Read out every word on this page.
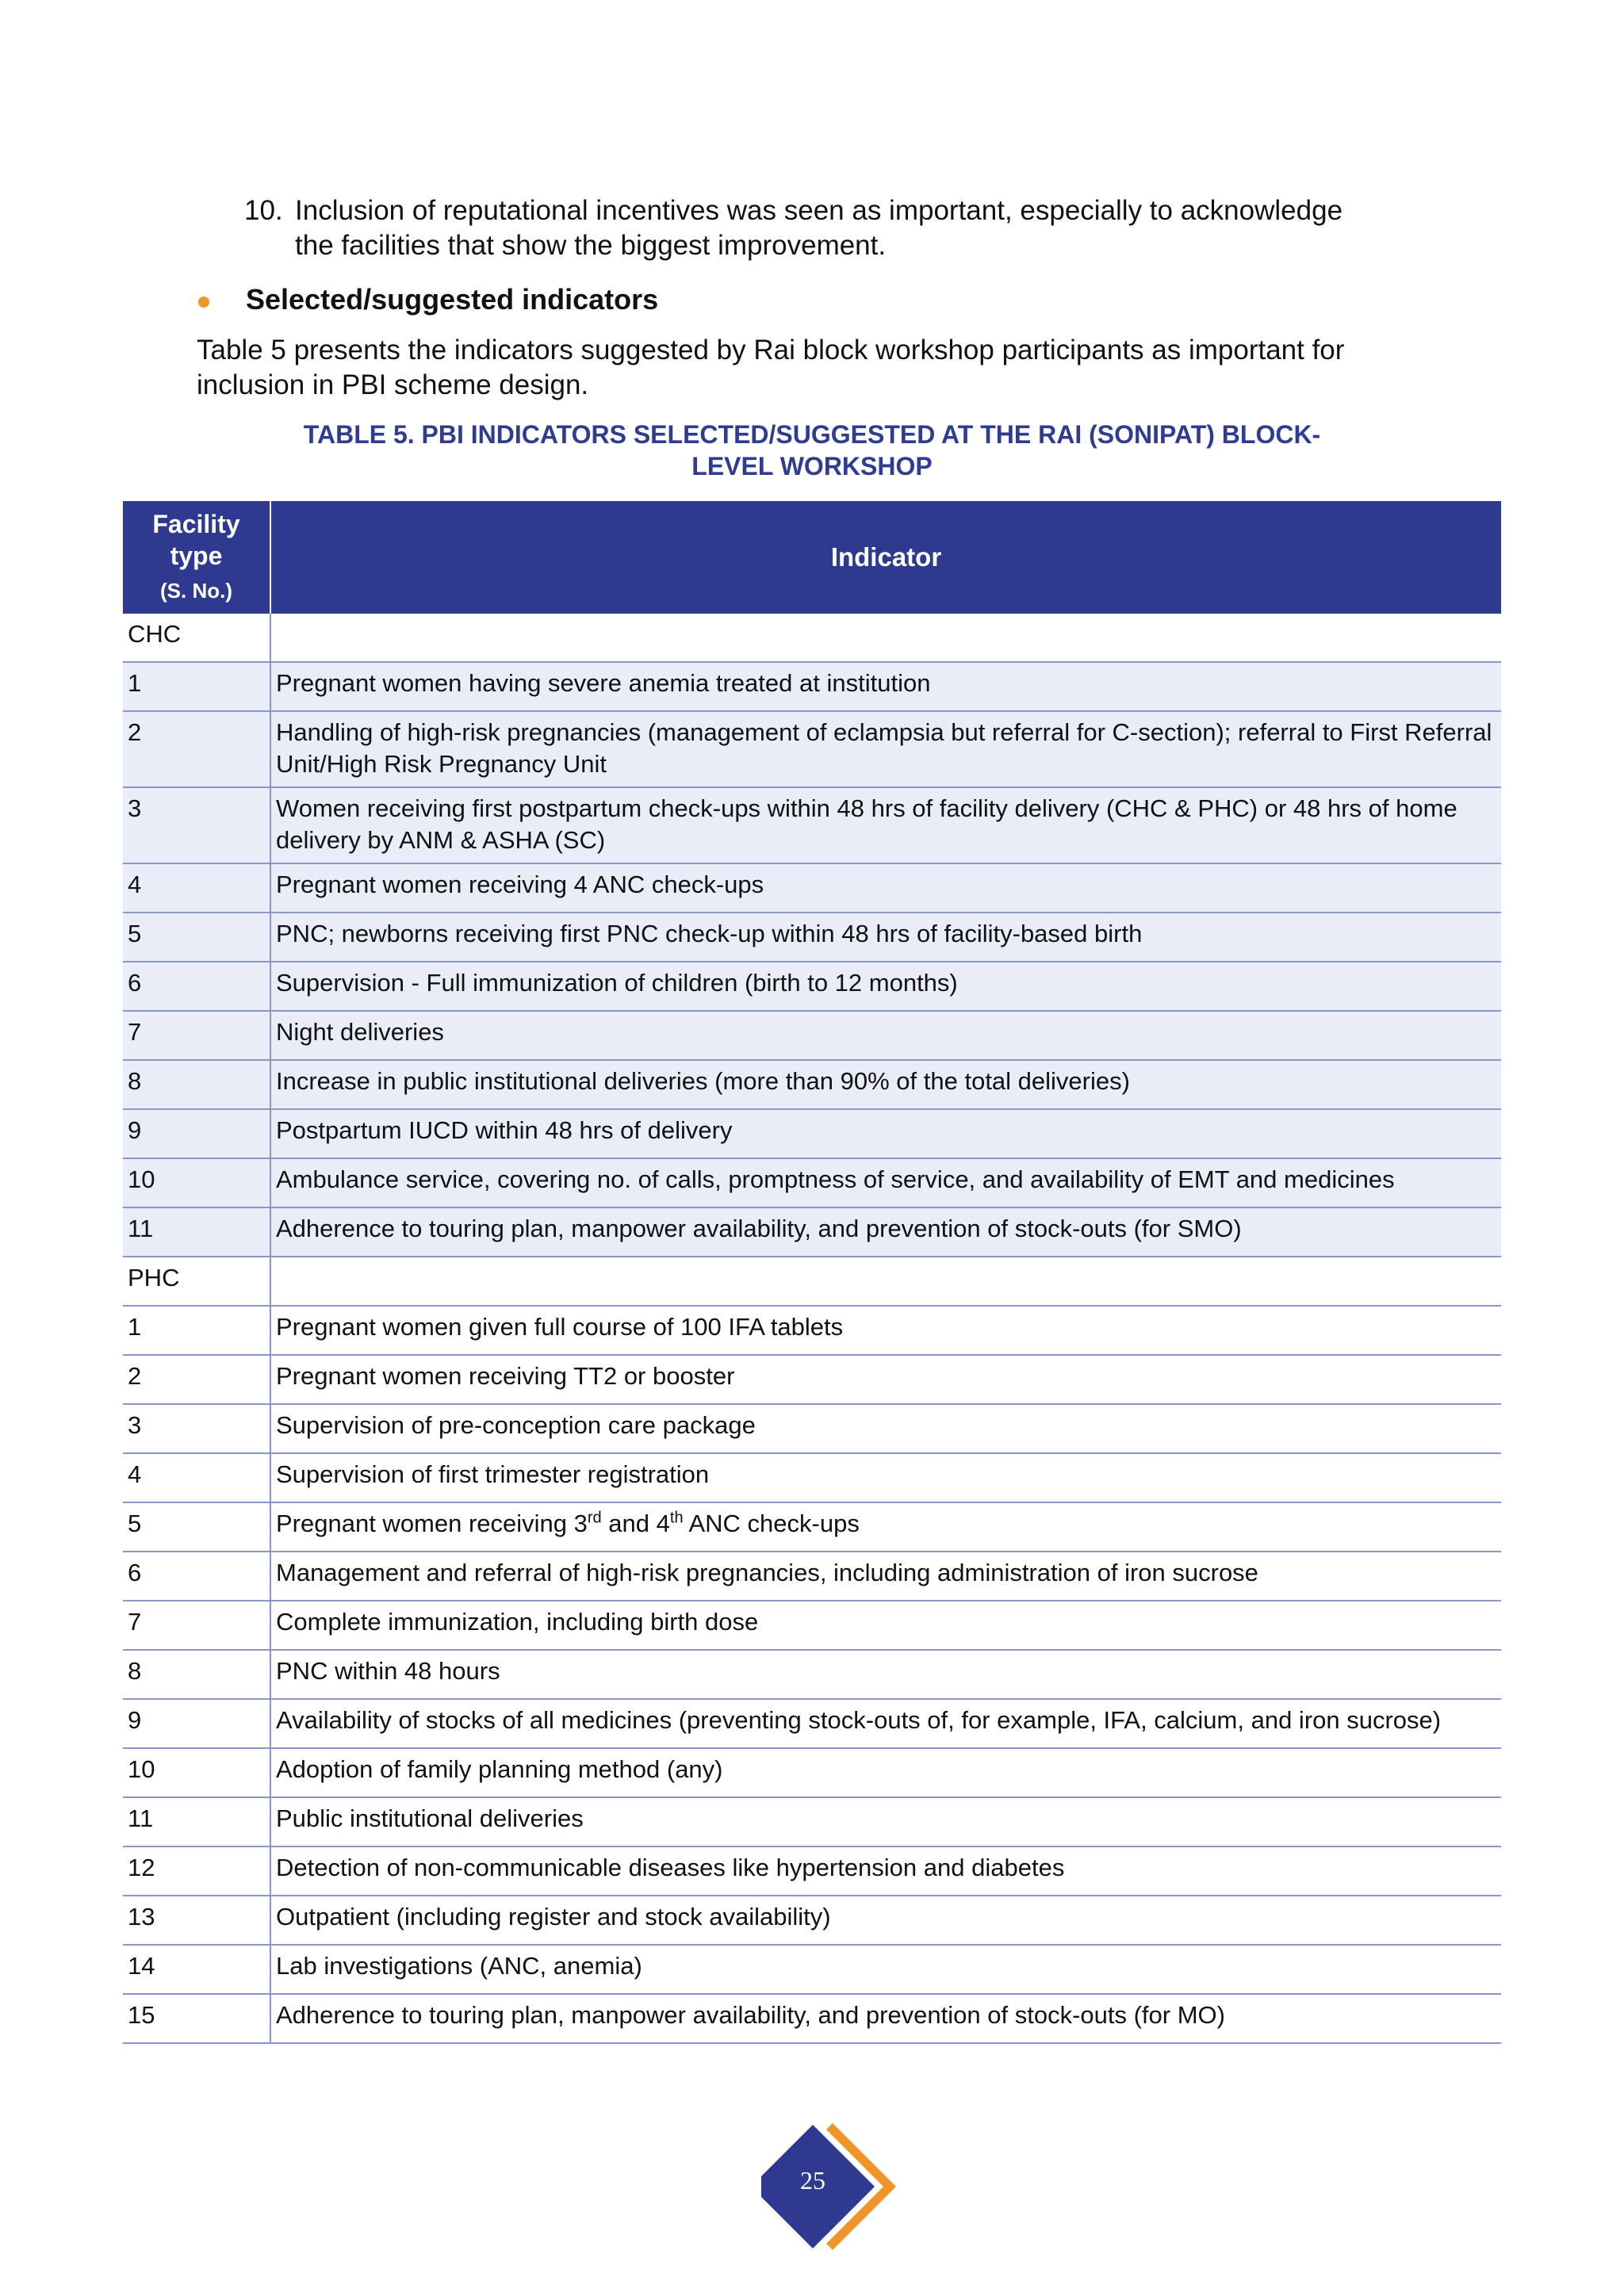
10. Inclusion of reputational incentives was seen as important, especially to acknowledge the facilities that show the biggest improvement.
Selected/suggested indicators
Table 5 presents the indicators suggested by Rai block workshop participants as important for inclusion in PBI scheme design.
TABLE 5. PBI INDICATORS SELECTED/SUGGESTED AT THE RAI (SONIPAT) BLOCK-
LEVEL WORKSHOP
Facility
type
(S. No.)	Indicator
CHC	
1	Pregnant women having severe anemia treated at institution
2	Handling of high-risk pregnancies (management of eclampsia but referral for C-section); referral to First Referral Unit/High Risk Pregnancy Unit
3	Women receiving first postpartum check-ups within 48 hrs of facility delivery (CHC & PHC) or 48 hrs of home delivery by ANM & ASHA (SC)
4	Pregnant women receiving 4 ANC check-ups
5	PNC; newborns receiving first PNC check-up within 48 hrs of facility-based birth
6	Supervision - Full immunization of children (birth to 12 months)
7	Night deliveries
8	Increase in public institutional deliveries (more than 90% of the total deliveries)
9	Postpartum IUCD within 48 hrs of delivery
10	Ambulance service, covering no. of calls, promptness of service, and availability of EMT and medicines
11	Adherence to touring plan, manpower availability, and prevention of stock-outs (for SMO)
PHC	
1	Pregnant women given full course of 100 IFA tablets
2	Pregnant women receiving TT2 or booster
3	Supervision of pre-conception care package
4	Supervision of first trimester registration
5	Pregnant women receiving 3rd and 4th ANC check-ups
6	Management and referral of high-risk pregnancies, including administration of iron sucrose
7	Complete immunization, including birth dose
8	PNC within 48 hours
9	Availability of stocks of all medicines (preventing stock-outs of, for example, IFA, calcium, and iron sucrose)
10	Adoption of family planning method (any)
11	Public institutional deliveries
12	Detection of non-communicable diseases like hypertension and diabetes
13	Outpatient (including register and stock availability)
14	Lab investigations (ANC, anemia)
15	Adherence to touring plan, manpower availability, and prevention of stock-outs (for MO)
25
